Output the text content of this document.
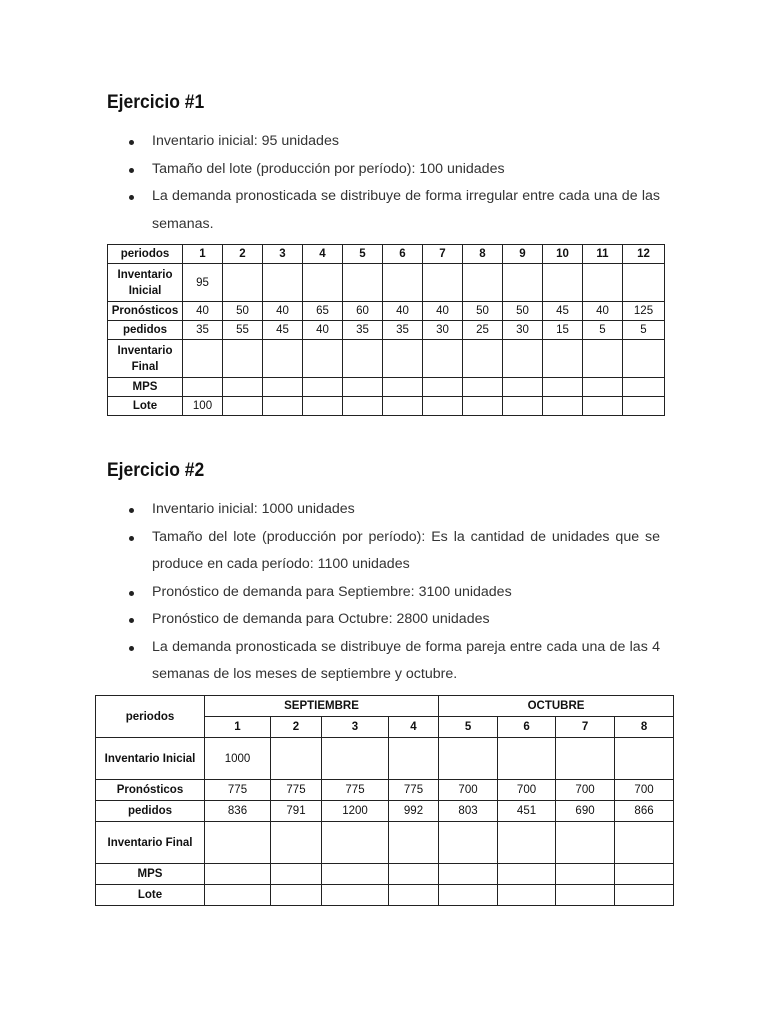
Ejercicio #1
Inventario inicial: 95 unidades
Tamaño del lote (producción por período): 100 unidades
La demanda pronosticada se distribuye de forma irregular entre cada una de las semanas.
periodos	1	2	3	4	5	6	7	8	9	10	11	12
Inventario Inicial	95											
Pronósticos	40	50	40	65	60	40	40	50	50	45	40	125
pedidos	35	55	45	40	35	35	30	25	30	15	5	5
Inventario Final												
MPS												
Lote	100											
Ejercicio #2
Inventario inicial: 1000 unidades
Tamaño del lote (producción por período): Es la cantidad de unidades que se produce en cada período: 1100 unidades
Pronóstico de demanda para Septiembre: 3100 unidades
Pronóstico de demanda para Octubre: 2800 unidades
La demanda pronosticada se distribuye de forma pareja entre cada una de las 4 semanas de los meses de septiembre y octubre.
periodos	SEPTIEMBRE				OCTUBRE			
	1	2	3	4	5	6	7	8
Inventario Inicial	1000							
Pronósticos	775	775	775	775	700	700	700	700
pedidos	836	791	1200	992	803	451	690	866
Inventario Final								
MPS								
Lote								
